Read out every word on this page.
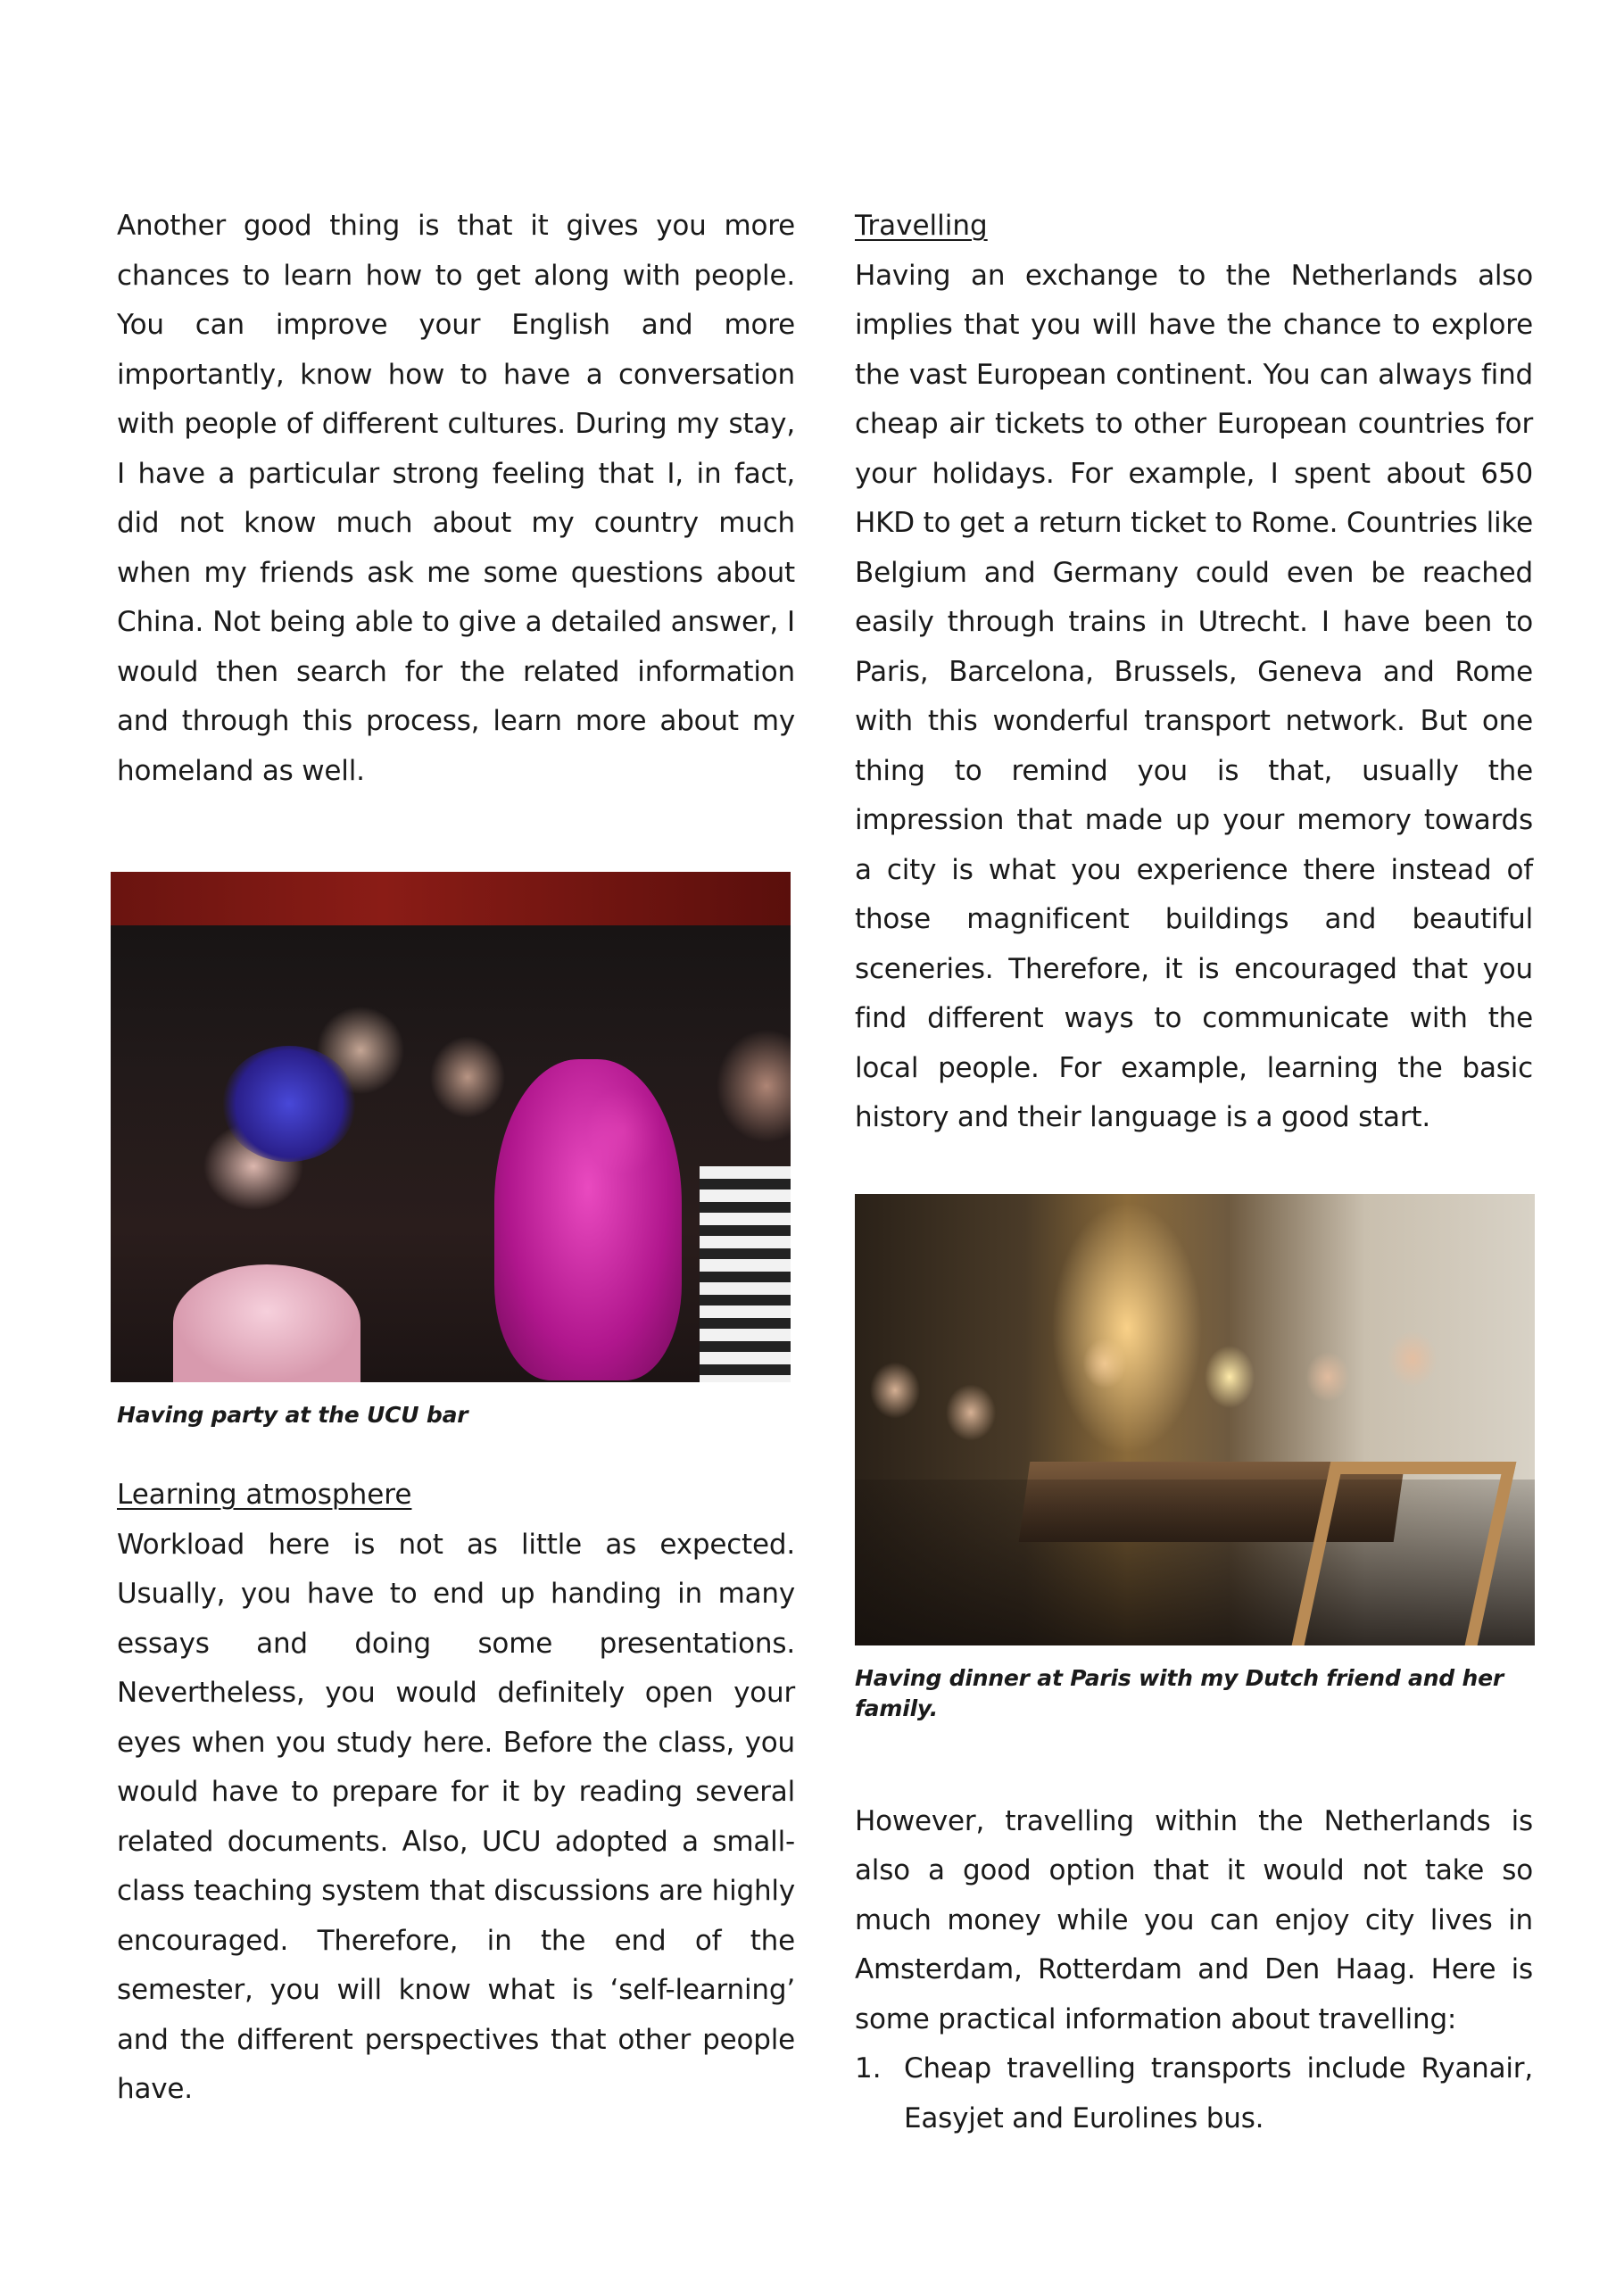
Another good thing is that it gives you more chances to learn how to get along with people. You can improve your English and more importantly, know how to have a conversation with people of different cultures. During my stay, I have a particular strong feeling that I, in fact, did not know much about my country much when my friends ask me some questions about China. Not being able to give a detailed answer, I would then search for the related information and through this process, learn more about my homeland as well.

Having party at the UCU bar

Learning atmosphere

Workload here is not as little as expected. Usually, you have to end up handing in many essays and doing some presentations. Nevertheless, you would definitely open your eyes when you study here. Before the class, you would have to prepare for it by reading several related documents. Also, UCU adopted a small-class teaching system that discussions are highly encouraged. Therefore, in the end of the semester, you will know what is ‘self-learning’ and the different perspectives that other people have.

Travelling

Having an exchange to the Netherlands also implies that you will have the chance to explore the vast European continent. You can always find cheap air tickets to other European countries for your holidays. For example, I spent about 650 HKD to get a return ticket to Rome. Countries like Belgium and Germany could even be reached easily through trains in Utrecht. I have been to Paris, Barcelona, Brussels, Geneva and Rome with this wonderful transport network. But one thing to remind you is that, usually the impression that made up your memory towards a city is what you experience there instead of those magnificent buildings and beautiful sceneries. Therefore, it is encouraged that you find different ways to communicate with the local people. For example, learning the basic history and their language is a good start.

Having dinner at Paris with my Dutch friend and her family.

However, travelling within the Netherlands is also a good option that it would not take so much money while you can enjoy city lives in Amsterdam, Rotterdam and Den Haag. Here is some practical information about travelling:

1. Cheap travelling transports include Ryanair, Easyjet and Eurolines bus.
